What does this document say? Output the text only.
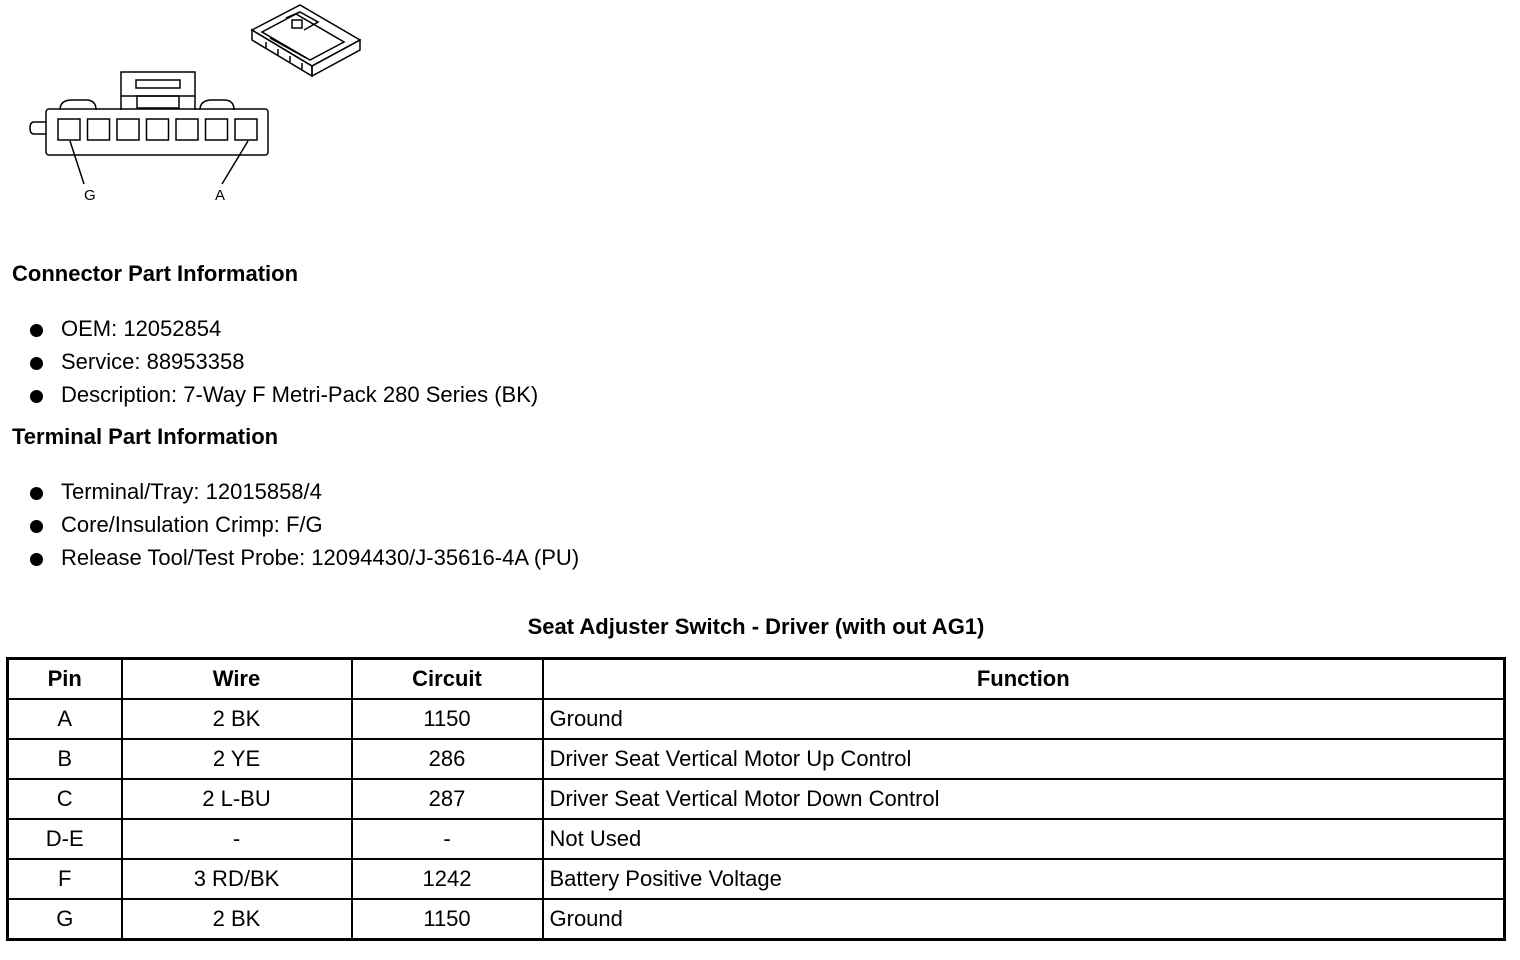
G	A
Connector Part Information
OEM: 12052854
Service: 88953358
Description: 7-Way F Metri-Pack 280 Series (BK)
Terminal Part Information
Terminal/Tray: 12015858/4
Core/Insulation Crimp: F/G
Release Tool/Test Probe: 12094430/J-35616-4A (PU)
Seat Adjuster Switch - Driver (with out AG1)
Pin	Wire	Circuit	Function
A	2 BK	1150	Ground
B	2 YE	286	Driver Seat Vertical Motor Up Control
C	2 L-BU	287	Driver Seat Vertical Motor Down Control
D-E	-	-	Not Used
F	3 RD/BK	1242	Battery Positive Voltage
G	2 BK	1150	Ground
